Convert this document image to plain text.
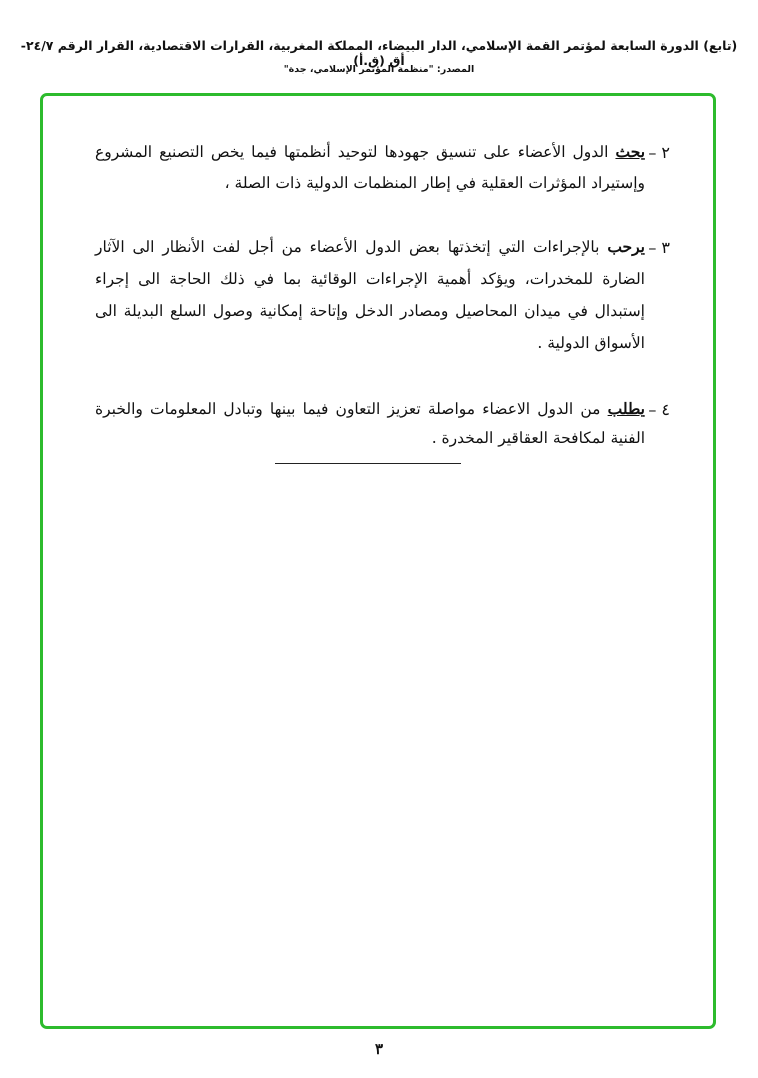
(تابع) الدورة السابعة لمؤتمر القمة الإسلامي، الدار البيضاء، المملكة المغربية، القرارات الاقتصادية، القرار الرقم ٢٤/٧-أق (ق.أ)
المصدر: "منظمة المؤتمر الإسلامي، جدة"
٢ –
يحث الدول الأعضاء على تنسيق جهودها لتوحيد أنظمتها فيما يخص التصنيع المشروع
وإستيراد المؤثرات العقلية في إطار المنظمات الدولية ذات الصلة ،
٣ –
يرحب بالإجراءات التي إتخذتها بعض الدول الأعضاء من أجل لفت الأنظار الى الآثار
الضارة للمخدرات، ويؤكد أهمية الإجراءات الوقائية بما في ذلك الحاجة الى إجراء
إستبدال في ميدان المحاصيل ومصادر الدخل وإتاحة إمكانية وصول السلع البديلة الى
الأسواق الدولية .
٤ –
يطلب من الدول الاعضاء مواصلة تعزيز التعاون فيما بينها وتبادل المعلومات والخبرة
الفنية لمكافحة العقاقير المخدرة .
٣
